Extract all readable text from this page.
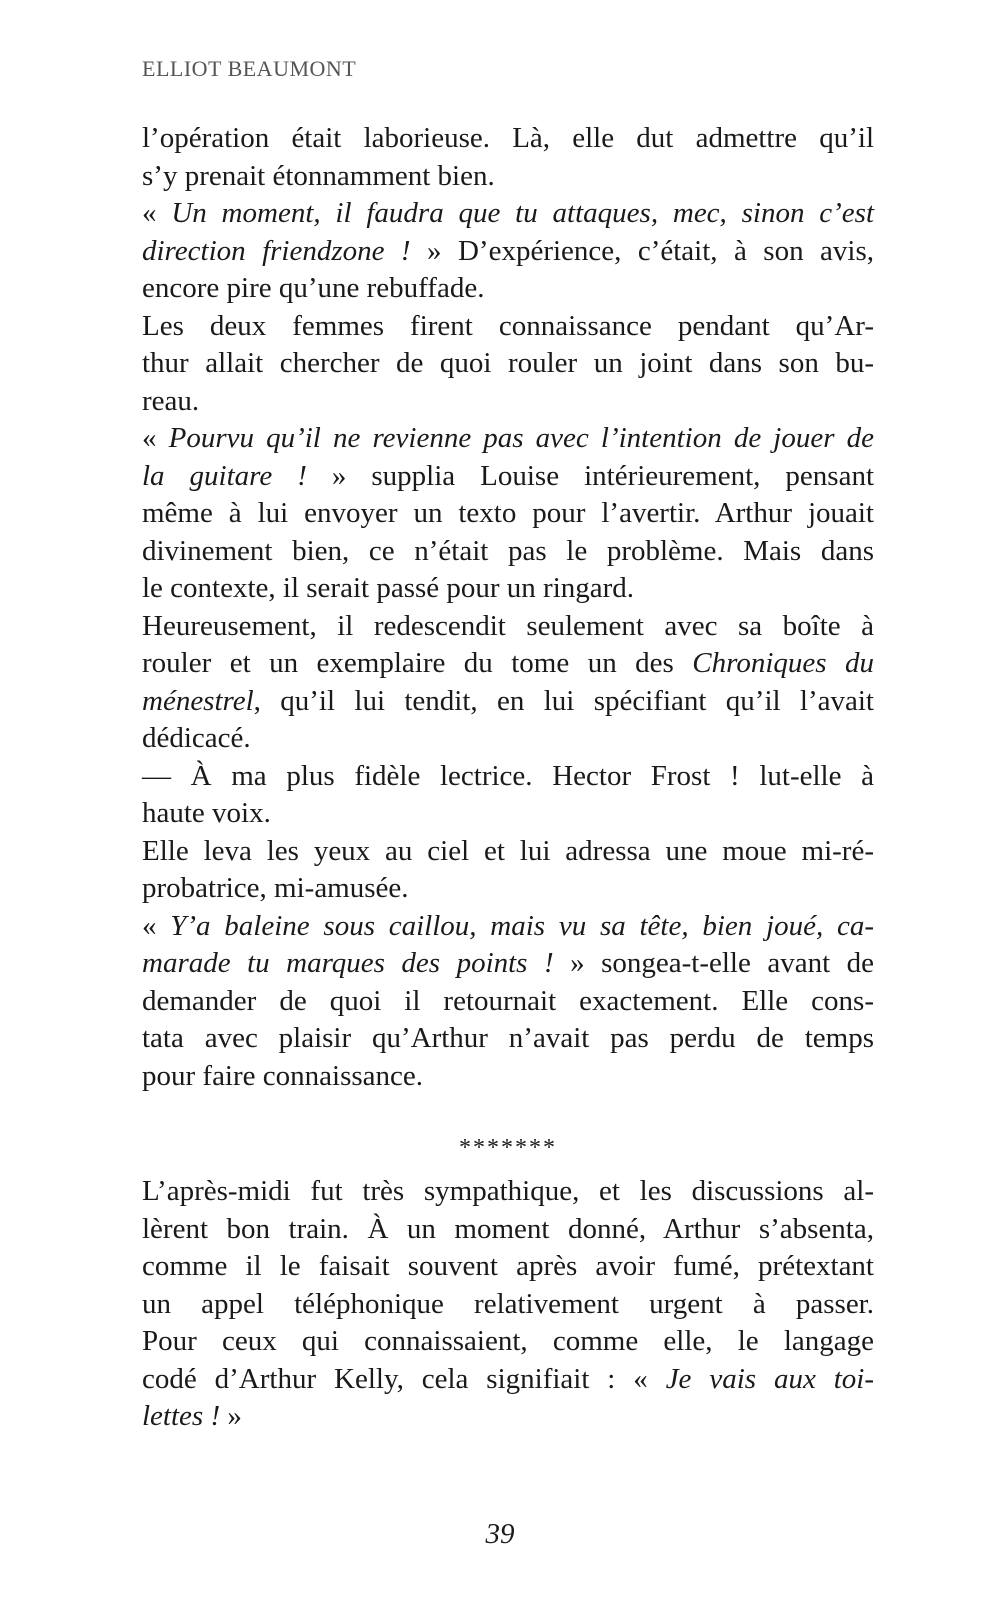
ELLIOT BEAUMONT

l’opération était laborieuse. Là, elle dut admettre qu’il
s’y prenait étonnamment bien.

« Un moment, il faudra que tu attaques, mec, sinon c’est
direction friendzone ! » D’expérience, c’était, à son avis,
encore pire qu’une rebuffade.

Les deux femmes firent connaissance pendant qu’Ar-
thur allait chercher de quoi rouler un joint dans son bu-
reau.

« Pourvu qu’il ne revienne pas avec l’intention de jouer de
la guitare ! » supplia Louise intérieurement, pensant
même à lui envoyer un texto pour l’avertir. Arthur jouait
divinement bien, ce n’était pas le problème. Mais dans
le contexte, il serait passé pour un ringard.

Heureusement, il redescendit seulement avec sa boîte à
rouler et un exemplaire du tome un des Chroniques du
ménestrel, qu’il lui tendit, en lui spécifiant qu’il l’avait
dédicacé.

— À ma plus fidèle lectrice. Hector Frost ! lut-elle à
haute voix.

Elle leva les yeux au ciel et lui adressa une moue mi-ré-
probatrice, mi-amusée.

« Y’a baleine sous caillou, mais vu sa tête, bien joué, ca-
marade tu marques des points ! » songea-t-elle avant de
demander de quoi il retournait exactement. Elle cons-
tata avec plaisir qu’Arthur n’avait pas perdu de temps
pour faire connaissance.

*******

L’après-midi fut très sympathique, et les discussions al-
lèrent bon train. À un moment donné, Arthur s’absenta,
comme il le faisait souvent après avoir fumé, prétextant
un appel téléphonique relativement urgent à passer.
Pour ceux qui connaissaient, comme elle, le langage
codé d’Arthur Kelly, cela signifiait : « Je vais aux toi-
lettes ! »

39
